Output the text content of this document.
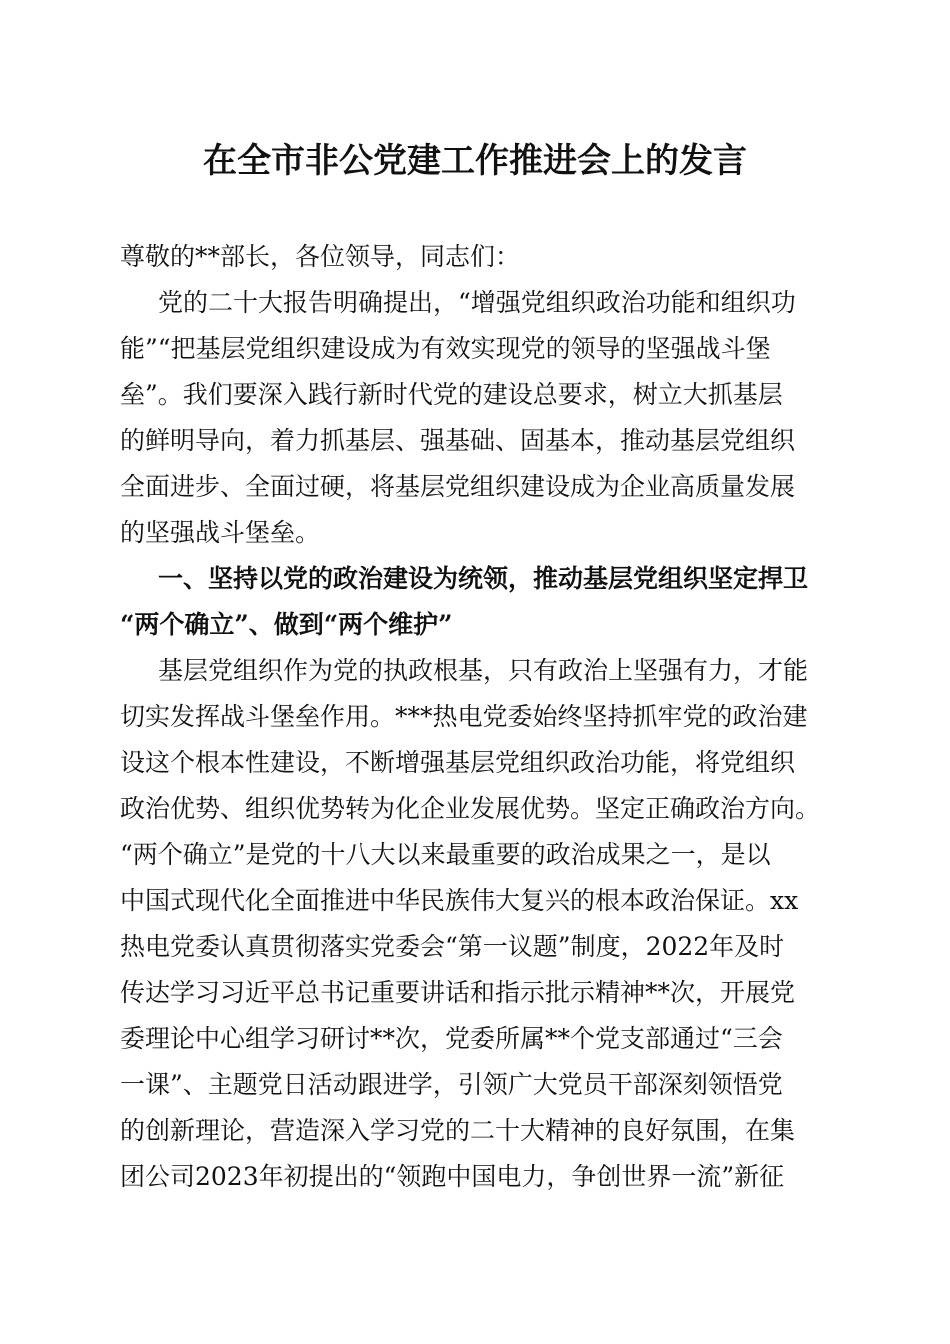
在全市非公党建工作推进会上的发言
尊敬的**部长，各位领导，同志们：
党的二十大报告明确提出，“增强党组织政治功能和组织功
能”“把基层党组织建设成为有效实现党的领导的坚强战斗堡
垒”。我们要深入践行新时代党的建设总要求，树立大抓基层
的鲜明导向，着力抓基层、强基础、固基本，推动基层党组织
全面进步、全面过硬，将基层党组织建设成为企业高质量发展
的坚强战斗堡垒。
一、坚持以党的政治建设为统领，推动基层党组织坚定捍卫
“两个确立”、做到“两个维护”
基层党组织作为党的执政根基，只有政治上坚强有力，才能
切实发挥战斗堡垒作用。***热电党委始终坚持抓牢党的政治建
设这个根本性建设，不断增强基层党组织政治功能，将党组织
政治优势、组织优势转为化企业发展优势。坚定正确政治方向。
“两个确立”是党的十八大以来最重要的政治成果之一，是以
中国式现代化全面推进中华民族伟大复兴的根本政治保证。xx
热电党委认真贯彻落实党委会“第一议题”制度，2022年及时
传达学习习近平总书记重要讲话和指示批示精神**次，开展党
委理论中心组学习研讨**次，党委所属**个党支部通过“三会
一课”、主题党日活动跟进学，引领广大党员干部深刻领悟党
的创新理论，营造深入学习党的二十大精神的良好氛围，在集
团公司2023年初提出的“领跑中国电力，争创世界一流”新征
